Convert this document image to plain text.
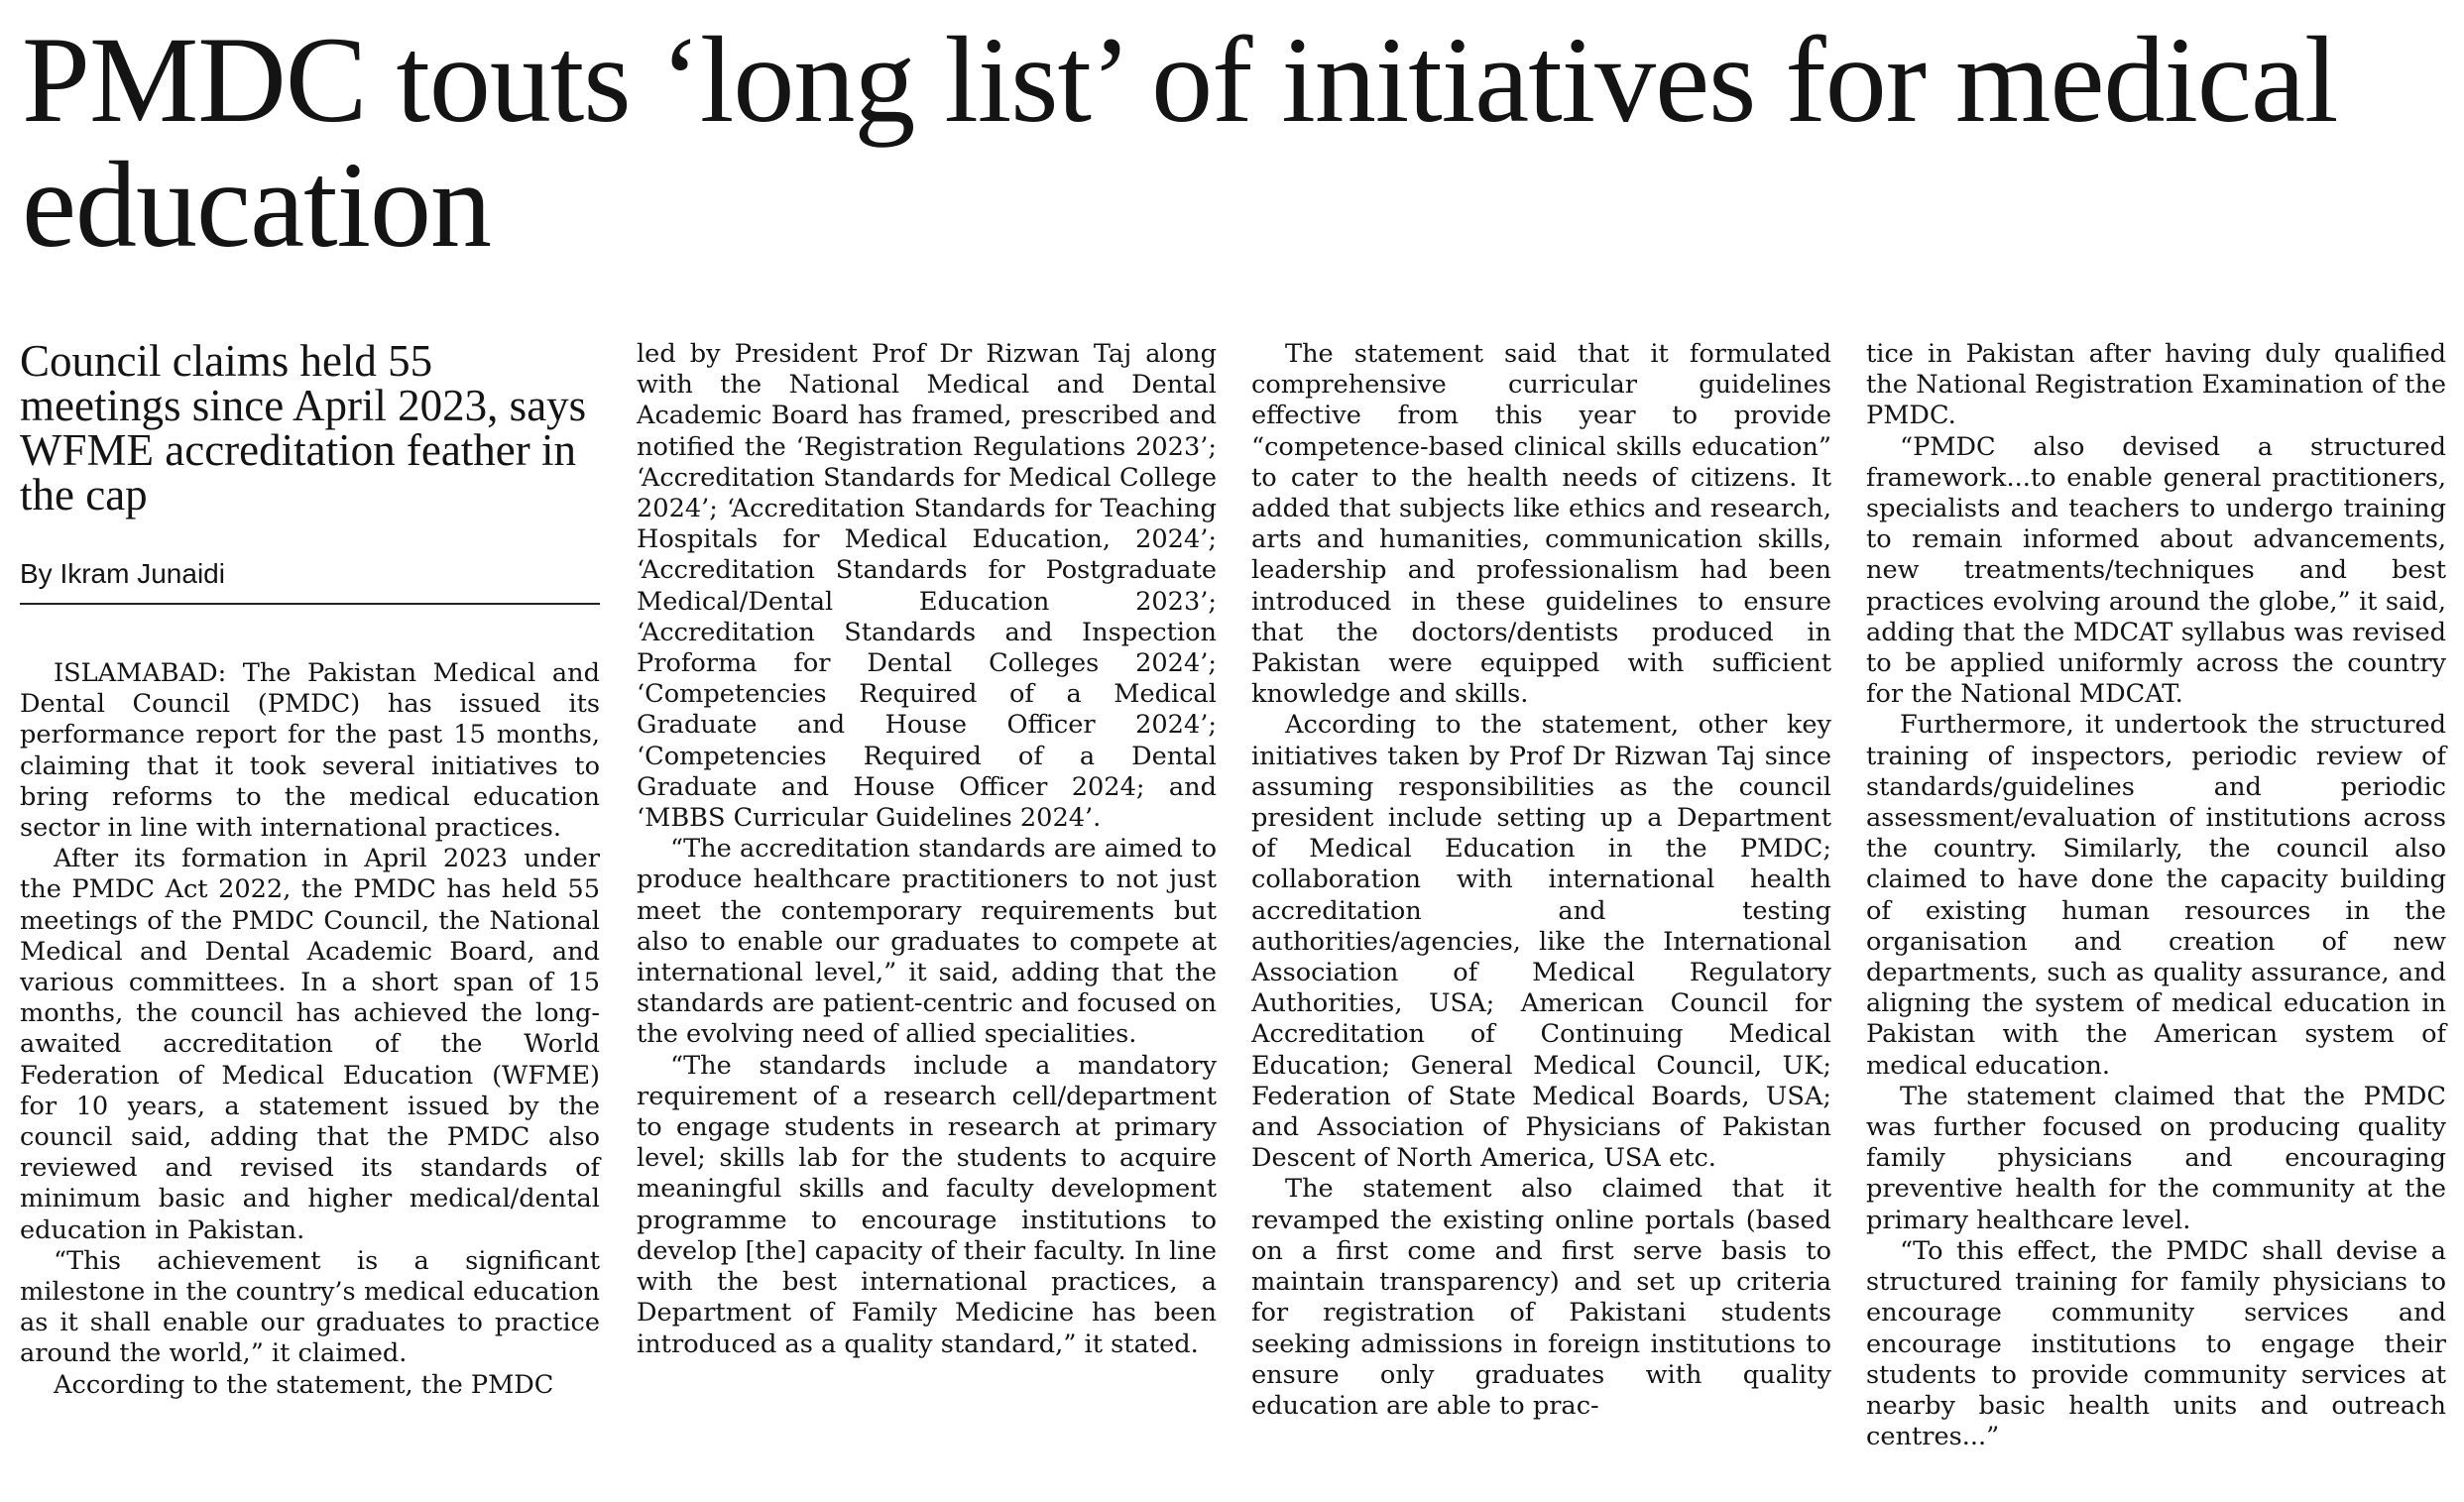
PMDC touts ‘long list’ of initiatives for medical education
Council claims held 55 meetings since April 2023, says WFME accreditation feather in the cap
By Ikram Junaidi

ISLAMABAD: The Pakistan Medical and Dental Council (PMDC) has issued its performance report for the past 15 months, claiming that it took several initiatives to bring reforms to the medical education sector in line with international practices.

After its formation in April 2023 under the PMDC Act 2022, the PMDC has held 55 meetings of the PMDC Council, the National Medical and Dental Academic Board, and various committees. In a short span of 15 months, the council has achieved the long-awaited accreditation of the World Federation of Medical Education (WFME) for 10 years, a statement issued by the council said, adding that the PMDC also reviewed and revised its standards of minimum basic and higher medical/dental education in Pakistan.

“This achievement is a significant milestone in the country’s medical education as it shall enable our graduates to practice around the world,” it claimed.

According to the statement, the PMDC

led by President Prof Dr Rizwan Taj along with the National Medical and Dental Academic Board has framed, prescribed and notified the ‘Registration Regulations 2023’; ‘Accreditation Standards for Medical College 2024’; ‘Accreditation Standards for Teaching Hospitals for Medical Education, 2024’; ‘Accreditation Standards for Postgraduate Medical/Dental Education 2023’; ‘Accreditation Standards and Inspection Proforma for Dental Colleges 2024’; ‘Competencies Required of a Medical Graduate and House Officer 2024’; ‘Competencies Required of a Dental Graduate and House Officer 2024; and ‘MBBS Curricular Guidelines 2024’.

“The accreditation standards are aimed to produce healthcare practitioners to not just meet the contemporary requirements but also to enable our graduates to compete at international level,” it said, adding that the standards are patient-centric and focused on the evolving need of allied specialities.

“The standards include a mandatory requirement of a research cell/department to engage students in research at primary level; skills lab for the students to acquire meaningful skills and faculty development programme to encourage institutions to develop [the] capacity of their faculty. In line with the best international practices, a Department of Family Medicine has been introduced as a quality standard,” it stated.

The statement said that it formulated comprehensive curricular guidelines effective from this year to provide “competence-based clinical skills education” to cater to the health needs of citizens. It added that subjects like ethics and research, arts and humanities, communication skills, leadership and professionalism had been introduced in these guidelines to ensure that the doctors/dentists produced in Pakistan were equipped with sufficient knowledge and skills.

According to the statement, other key initiatives taken by Prof Dr Rizwan Taj since assuming responsibilities as the council president include setting up a Department of Medical Education in the PMDC; collaboration with international health accreditation and testing authorities/agencies, like the International Association of Medical Regulatory Authorities, USA; American Council for Accreditation of Continuing Medical Education; General Medical Council, UK; Federation of State Medical Boards, USA; and Association of Physicians of Pakistan Descent of North America, USA etc.

The statement also claimed that it revamped the existing online portals (based on a first come and first serve basis to maintain transparency) and set up criteria for registration of Pakistani students seeking admissions in foreign institutions to ensure only graduates with quality education are able to prac-

tice in Pakistan after having duly qualified the National Registration Examination of the PMDC.

“PMDC also devised a structured framework...to enable general practitioners, specialists and teachers to undergo training to remain informed about advancements, new treatments/techniques and best practices evolving around the globe,” it said, adding that the MDCAT syllabus was revised to be applied uniformly across the country for the National MDCAT.

Furthermore, it undertook the structured training of inspectors, periodic review of standards/guidelines and periodic assessment/evaluation of institutions across the country. Similarly, the council also claimed to have done the capacity building of existing human resources in the organisation and creation of new departments, such as quality assurance, and aligning the system of medical education in Pakistan with the American system of medical education.

The statement claimed that the PMDC was further focused on producing quality family physicians and encouraging preventive health for the community at the primary healthcare level.

“To this effect, the PMDC shall devise a structured training for family physicians to encourage community services and encourage institutions to engage their students to provide community services at nearby basic health units and outreach centres...”
